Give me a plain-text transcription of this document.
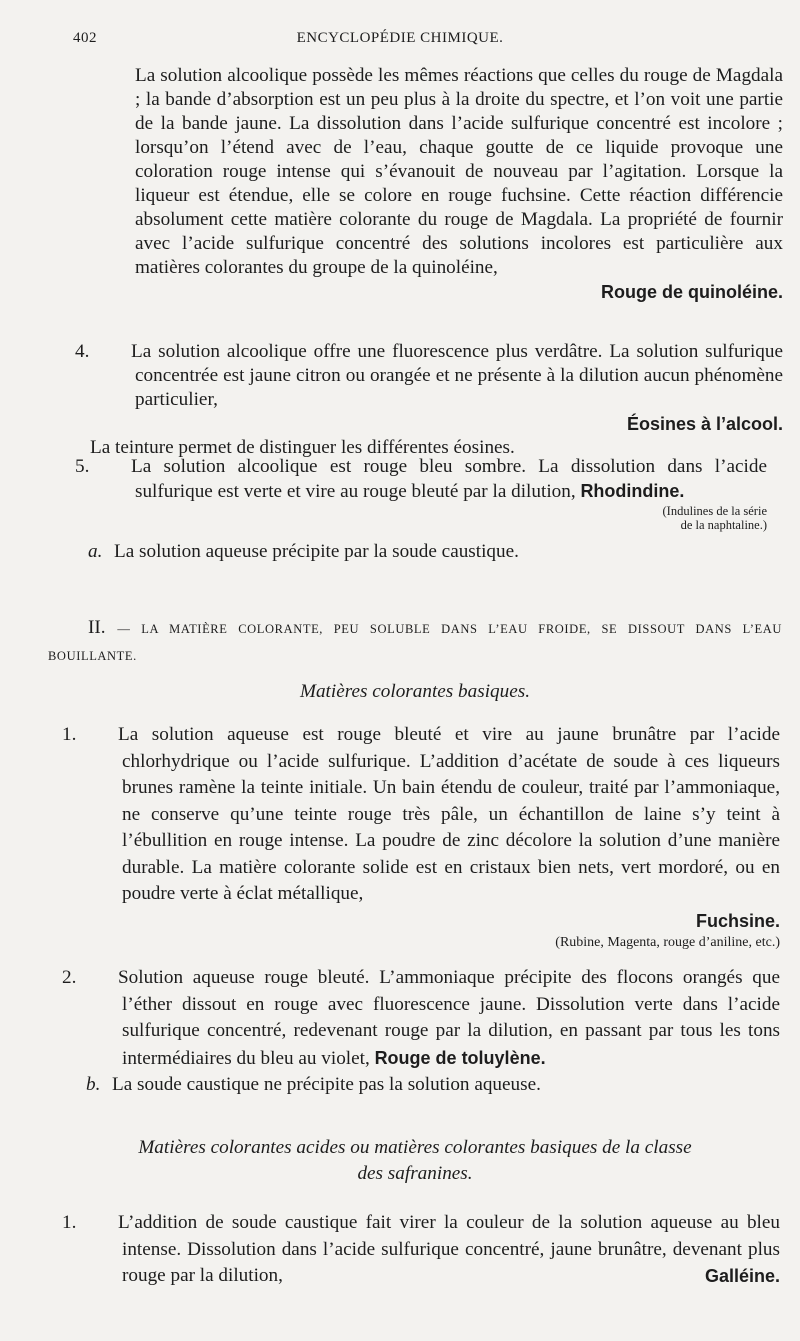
402	ENCYCLOPÉDIE CHIMIQUE.

La solution alcoolique possède les mêmes réactions que celles du rouge de Magdala ; la bande d’absorption est un peu plus à la droite du spectre, et l’on voit une partie de la bande jaune. La dissolution dans l’acide sulfurique concentré est incolore ; lorsqu’on l’étend avec de l’eau, chaque goutte de ce liquide provoque une coloration rouge intense qui s’évanouit de nouveau par l’agitation. Lorsque la liqueur est étendue, elle se colore en rouge fuchsine. Cette réaction différencie absolument cette matière colorante du rouge de Magdala. La propriété de fournir avec l’acide sulfurique concentré des solutions incolores est particulière aux matières colorantes du groupe de la quinoléine,
Rouge de quinoléine.

4. La solution alcoolique offre une fluorescence plus verdâtre. La solution sulfurique concentrée est jaune citron ou orangée et ne présente à la dilution aucun phénomène particulier,
Éosines à l’alcool.

La teinture permet de distinguer les différentes éosines.

5. La solution alcoolique est rouge bleu sombre. La dissolution dans l’acide sulfurique est verte et vire au rouge bleuté par la dilution, Rhodindine.

(Indulines de la série
de la naphtaline.)

a. La solution aqueuse précipite par la soude caustique.

II. — LA MATIÈRE COLORANTE, PEU SOLUBLE DANS L’EAU FROIDE, SE DISSOUT DANS L’EAU BOUILLANTE.

Matières colorantes basiques.

1. La solution aqueuse est rouge bleuté et vire au jaune brunâtre par l’acide chlorhydrique ou l’acide sulfurique. L’addition d’acétate de soude à ces liqueurs brunes ramène la teinte initiale. Un bain étendu de couleur, traité par l’ammoniaque, ne conserve qu’une teinte rouge très pâle, un échantillon de laine s’y teint à l’ébullition en rouge intense. La poudre de zinc décolore la solution d’une manière durable. La matière colorante solide est en cristaux bien nets, vert mordoré, ou en poudre verte à éclat métallique,
Fuchsine.

(Rubine, Magenta, rouge d’aniline, etc.)

2. Solution aqueuse rouge bleuté. L’ammoniaque précipite des flocons orangés que l’éther dissout en rouge avec fluorescence jaune. Dissolution verte dans l’acide sulfurique concentré, redevenant rouge par la dilution, en passant par tous les tons intermédiaires du bleu au violet, Rouge de toluylène.

b. La soude caustique ne précipite pas la solution aqueuse.

Matières colorantes acides ou matières colorantes basiques de la classe
des safranines.

1. L’addition de soude caustique fait virer la couleur de la solution aqueuse au bleu intense. Dissolution dans l’acide sulfurique concentré, jaune brunâtre, devenant plus rouge par la dilution,	Galléine.
